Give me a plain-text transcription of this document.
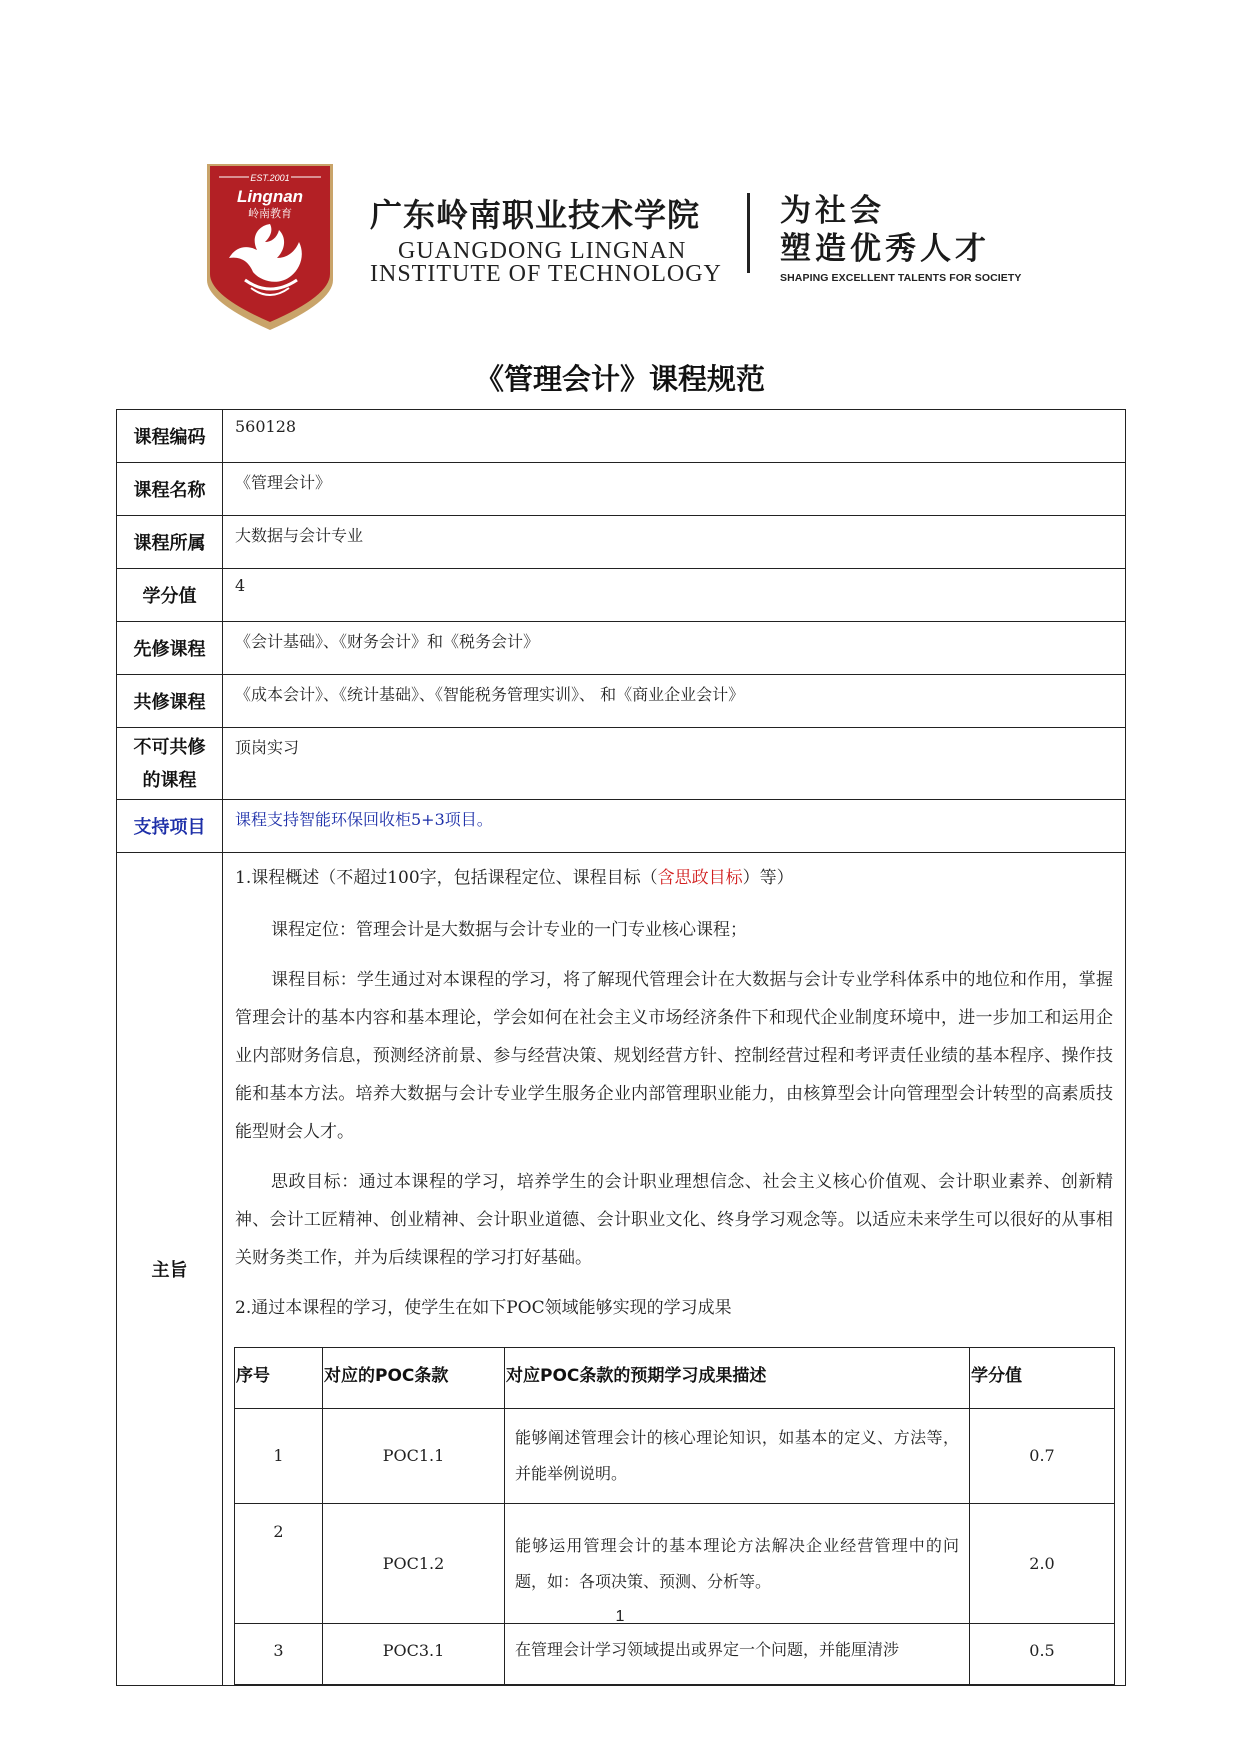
EST.2001
Lingnan
岭南教育 广东岭南职业技术学院
GUANGDONG LINGNAN
INSTITUTE OF TECHNOLOGY
为社会
塑造优秀人才
SHAPING EXCELLENT TALENTS FOR SOCIETY
《管理会计》课程规范
课程编码	560128
课程名称	《管理会计》
课程所属	大数据与会计专业
学分值	4
先修课程	《会计基础》、《财务会计》和《税务会计》
共修课程	《成本会计》、《统计基础》、《智能税务管理实训》、 和《商业企业会计》
不可共修
的课程	顶岗实习
支持项目	课程支持智能环保回收柜5+3项目。
主旨	

1.课程概述（不超过100字，包括课程定位、课程目标（含思政目标）等）

课程定位：管理会计是大数据与会计专业的一门专业核心课程；

课程目标：学生通过对本课程的学习，将了解现代管理会计在大数据与会计专业学科体系中的地位和作用，掌握管理会计的基本内容和基本理论，学会如何在社会主义市场经济条件下和现代企业制度环境中，进一步加工和运用企业内部财务信息，预测经济前景、参与经营决策、规划经营方针、控制经营过程和考评责任业绩的基本程序、操作技能和基本方法。培养大数据与会计专业学生服务企业内部管理职业能力，由核算型会计向管理型会计转型的高素质技能型财会人才。

思政目标：通过本课程的学习，培养学生的会计职业理想信念、社会主义核心价值观、会计职业素养、创新精神、会计工匠精神、创业精神、会计职业道德、会计职业文化、终身学习观念等。以适应未来学生可以很好的从事相关财务类工作，并为后续课程的学习打好基础。

2.通过本课程的学习，使学生在如下POC领域能够实现的学习成果

序号	对应的POC条款	对应POC条款的预期学习成果描述	学分值
1	POC1.1	能够阐述管理会计的核心理论知识，如基本的定义、方法等，并能举例说明。	0.7
2	POC1.2	能够运用管理会计的基本理论方法解决企业经营管理中的问题，如：各项决策、预测、分析等。	2.0
3	POC3.1	在管理会计学习领域提出或界定一个问题，并能厘清涉	0.5
1
